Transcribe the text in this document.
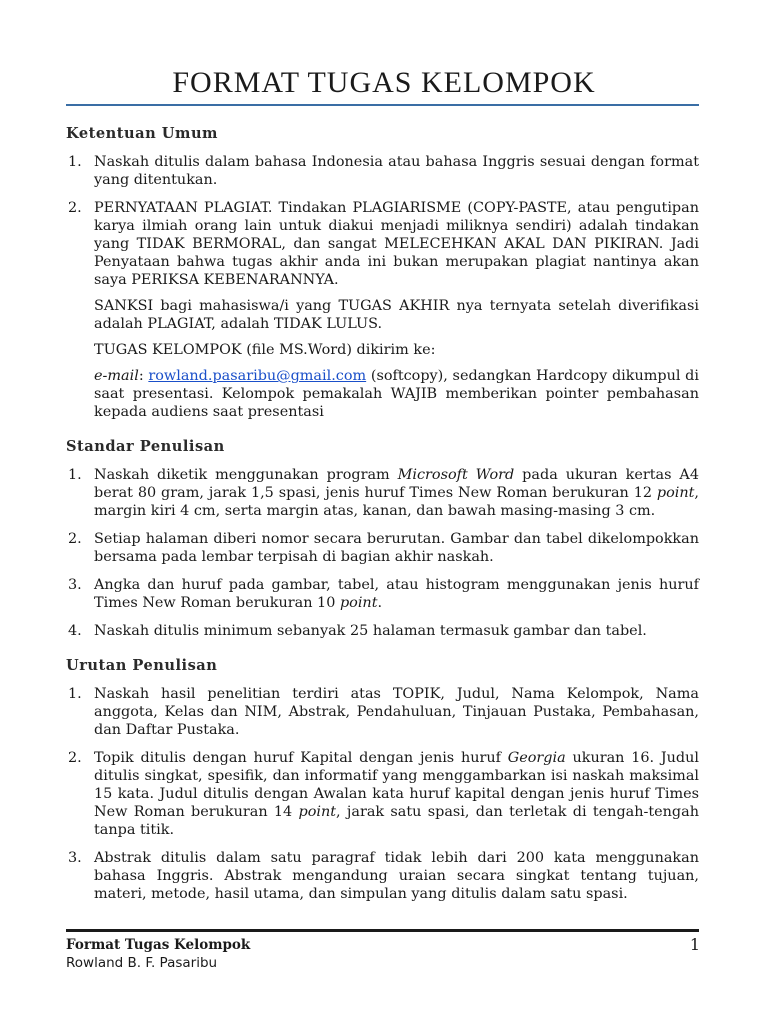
FORMAT TUGAS KELOMPOK
Ketentuan Umum
1. Naskah ditulis dalam bahasa Indonesia atau bahasa Inggris sesuai dengan format yang ditentukan.

2. PERNYATAAN PLAGIAT. Tindakan PLAGIARISME (COPY-PASTE, atau pengutipan karya ilmiah orang lain untuk diakui menjadi miliknya sendiri) adalah tindakan yang TIDAK BERMORAL, dan sangat MELECEHKAN AKAL DAN PIKIRAN. Jadi Penyataan bahwa tugas akhir anda ini bukan merupakan plagiat nantinya akan saya PERIKSA KEBENARANNYA.

SANKSI bagi mahasiswa/i yang TUGAS AKHIR nya ternyata setelah diverifikasi adalah PLAGIAT, adalah TIDAK LULUS.

TUGAS KELOMPOK (file MS.Word) dikirim ke:

e-mail: rowland.pasaribu@gmail.com (softcopy), sedangkan Hardcopy dikumpul di saat presentasi. Kelompok pemakalah WAJIB memberikan pointer pembahasan kepada audiens saat presentasi

Standar Penulisan
1. Naskah diketik menggunakan program Microsoft Word pada ukuran kertas A4 berat 80 gram, jarak 1,5 spasi, jenis huruf Times New Roman berukuran 12 point, margin kiri 4 cm, serta margin atas, kanan, dan bawah masing-masing 3 cm.

2. Setiap halaman diberi nomor secara berurutan. Gambar dan tabel dikelompokkan bersama pada lembar terpisah di bagian akhir naskah.

3. Angka dan huruf pada gambar, tabel, atau histogram menggunakan jenis huruf Times New Roman berukuran 10 point.

4. Naskah ditulis minimum sebanyak 25 halaman termasuk gambar dan tabel.

Urutan Penulisan
1. Naskah hasil penelitian terdiri atas TOPIK, Judul, Nama Kelompok, Nama anggota, Kelas dan NIM, Abstrak, Pendahuluan, Tinjauan Pustaka, Pembahasan, dan Daftar Pustaka.

2. Topik ditulis dengan huruf Kapital dengan jenis huruf Georgia ukuran 16. Judul ditulis singkat, spesifik, dan informatif yang menggambarkan isi naskah maksimal 15 kata. Judul ditulis dengan Awalan kata huruf kapital dengan jenis huruf Times New Roman berukuran 14 point, jarak satu spasi, dan terletak di tengah-tengah tanpa titik.

3. Abstrak ditulis dalam satu paragraf tidak lebih dari 200 kata menggunakan bahasa Inggris. Abstrak mengandung uraian secara singkat tentang tujuan, materi, metode, hasil utama, dan simpulan yang ditulis dalam satu spasi.

Format Tugas Kelompok
Rowland B. F. Pasaribu
1
